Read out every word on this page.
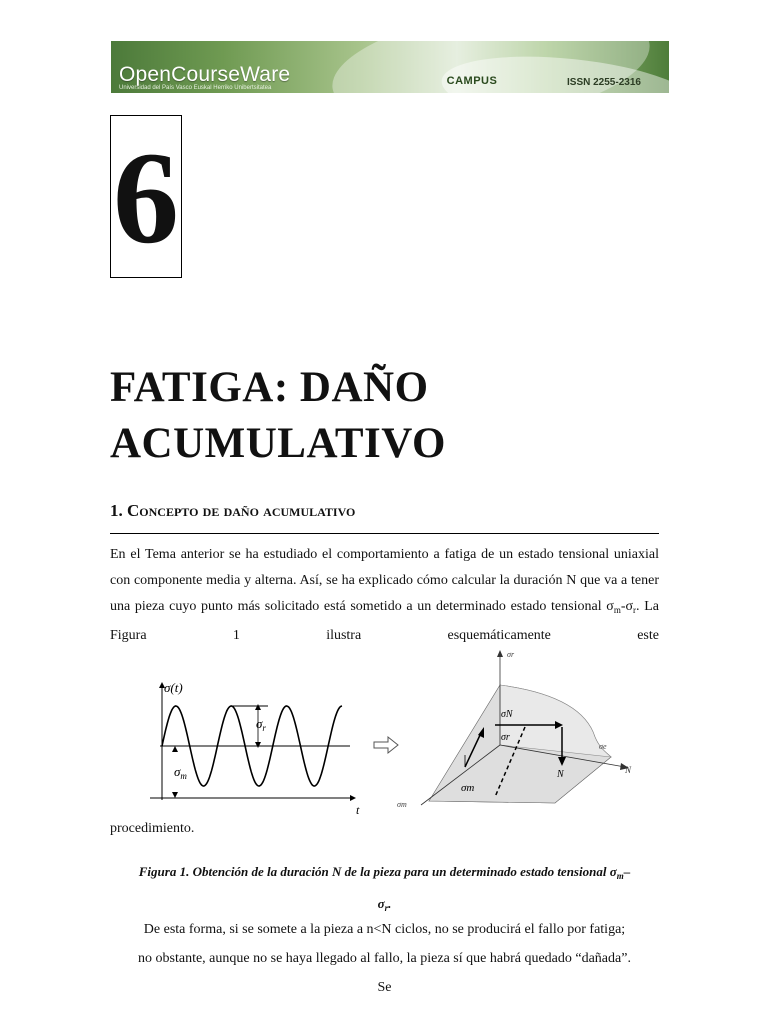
OpenCourseWare
Universidad del País Vasco Euskal Herriko Unibertsitatea
CAMPUS	ISSN 2255-2316
6
FATIGA: DAÑO
ACUMULATIVO
1. Concepto de daño acumulativo
En el Tema anterior se ha estudiado el comportamiento a fatiga de un estado tensional uniaxial con componente media y alterna. Así, se ha explicado cómo calcular la duración N que va a tener una pieza cuyo punto más solicitado está sometido a un determinado estado tensional $\sigma_m-\sigma_r$. La Figura 1 ilustra esquemáticamente este
σ(t)
t
$\sigma_r$
$\sigma_m$
σr
N
σm
σe
σN
σr
σm
N
procedimiento.
Figura 1. Obtención de la duración N de la pieza para un determinado estado tensional $\sigma_m-$
$\sigma_r$.
De esta forma, si se somete a la pieza a n<N ciclos, no se producirá el fallo por fatiga;
no obstante, aunque no se haya llegado al fallo, la pieza sí que habrá quedado “dañada”.
Se
